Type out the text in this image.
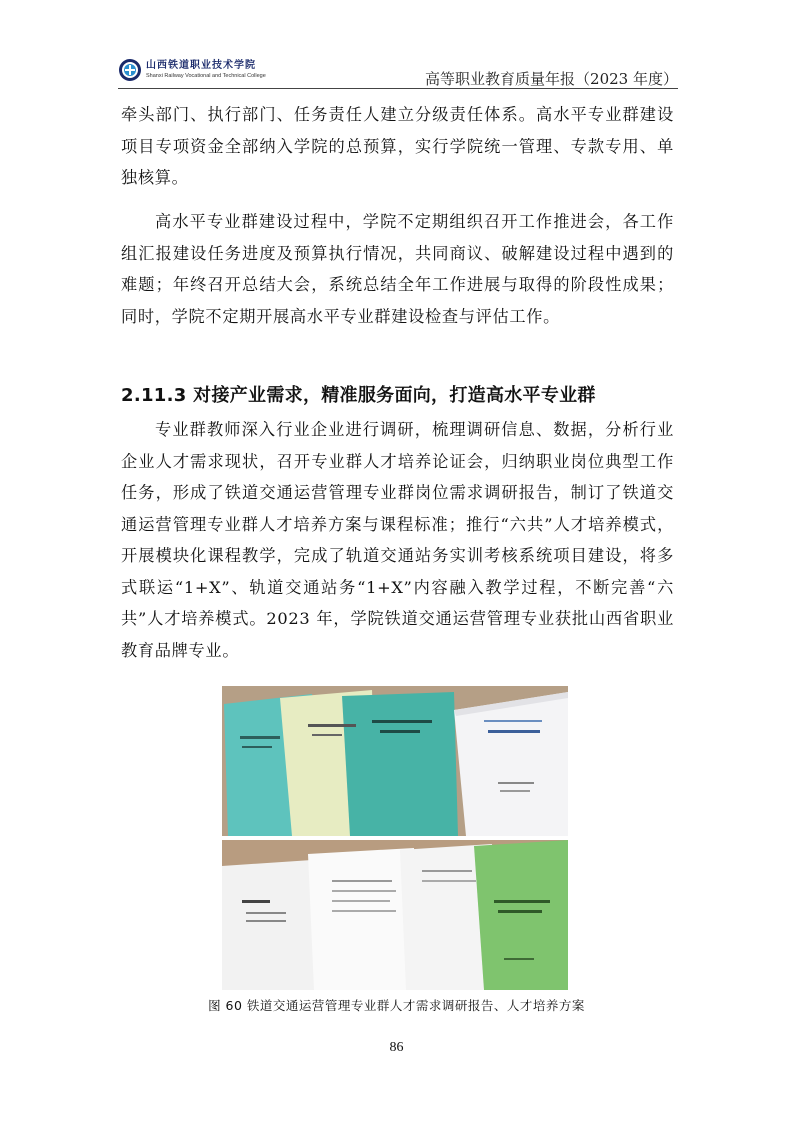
山西铁道职业技术学院
Shanxi Railway Vocational and Technical College	高等职业教育质量年报（2023 年度）

牵头部门、执行部门、任务责任人建立分级责任体系。高水平专业群建设项目专项资金全部纳入学院的总预算，实行学院统一管理、专款专用、单独核算。

高水平专业群建设过程中，学院不定期组织召开工作推进会，各工作组汇报建设任务进度及预算执行情况，共同商议、破解建设过程中遇到的难题；年终召开总结大会，系统总结全年工作进展与取得的阶段性成果；同时，学院不定期开展高水平专业群建设检查与评估工作。

2.11.3 对接产业需求，精准服务面向，打造高水平专业群

专业群教师深入行业企业进行调研，梳理调研信息、数据，分析行业企业人才需求现状，召开专业群人才培养论证会，归纳职业岗位典型工作任务，形成了铁道交通运营管理专业群岗位需求调研报告，制订了铁道交通运营管理专业群人才培养方案与课程标准；推行“六共”人才培养模式，开展模块化课程教学，完成了轨道交通站务实训考核系统项目建设，将多式联运“1+X”、轨道交通站务“1+X”内容融入教学过程，不断完善“六共”人才培养模式。2023 年，学院铁道交通运营管理专业获批山西省职业教育品牌专业。

图 60 铁道交通运营管理专业群人才需求调研报告、人才培养方案
86
